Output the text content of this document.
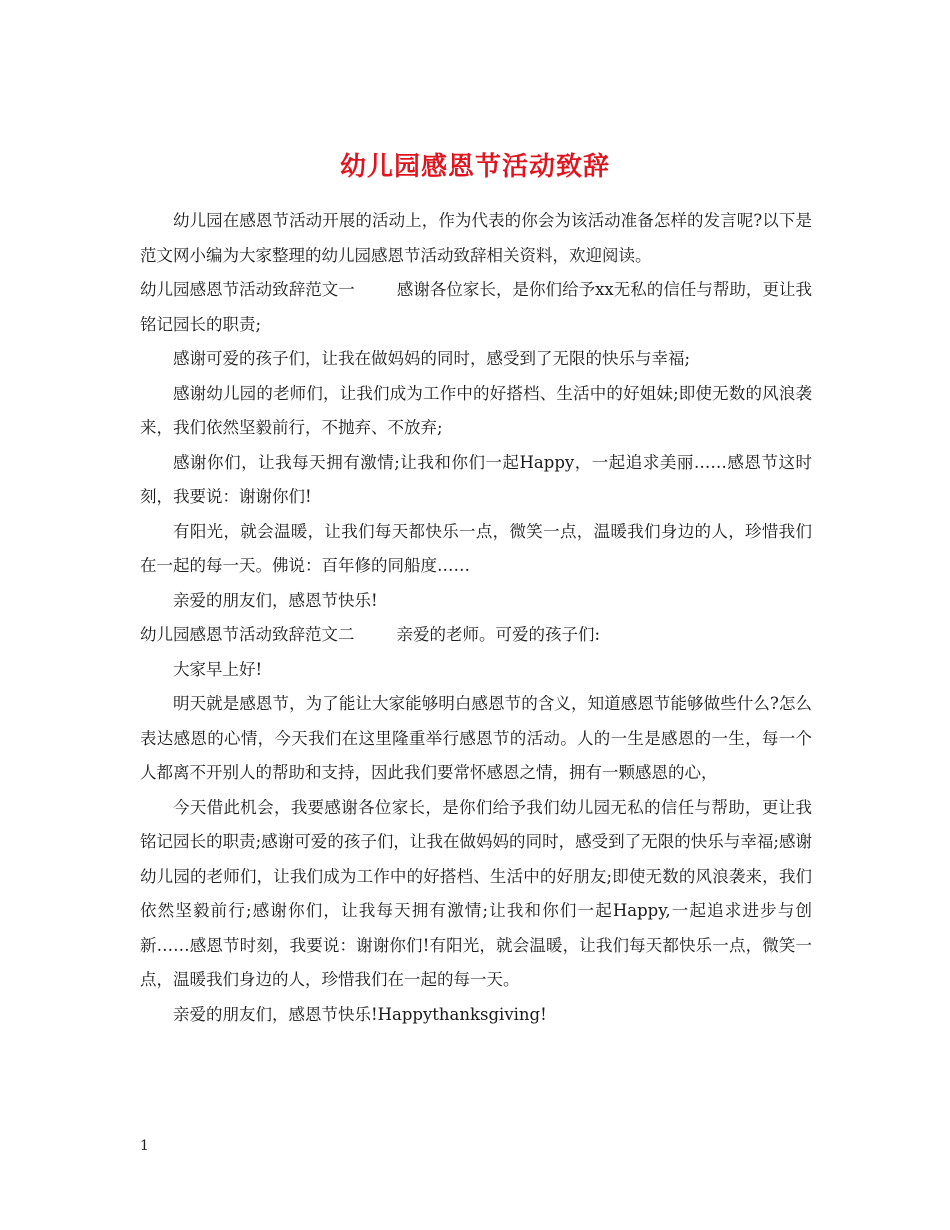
幼儿园感恩节活动致辞

幼儿园在感恩节活动开展的活动上，作为代表的你会为该活动准备怎样的发言呢?以下是范文网小编为大家整理的幼儿园感恩节活动致辞相关资料，欢迎阅读。

幼儿园感恩节活动致辞范文一	感谢各位家长，是你们给予xx无私的信任与帮助，更让我铭记园长的职责;

感谢可爱的孩子们，让我在做妈妈的同时，感受到了无限的快乐与幸福;

感谢幼儿园的老师们，让我们成为工作中的好搭档、生活中的好姐妹;即使无数的风浪袭来，我们依然坚毅前行，不抛弃、不放弃;

感谢你们，让我每天拥有激情;让我和你们一起Happy，一起追求美丽……感恩节这时刻，我要说：谢谢你们!

有阳光，就会温暖，让我们每天都快乐一点，微笑一点，温暖我们身边的人，珍惜我们在一起的每一天。佛说：百年修的同船度……

亲爱的朋友们，感恩节快乐!

幼儿园感恩节活动致辞范文二	亲爱的老师。可爱的孩子们:

大家早上好!

明天就是感恩节，为了能让大家能够明白感恩节的含义，知道感恩节能够做些什么?怎么表达感恩的心情，今天我们在这里隆重举行感恩节的活动。人的一生是感恩的一生，每一个人都离不开别人的帮助和支持，因此我们要常怀感恩之情，拥有一颗感恩的心，

今天借此机会，我要感谢各位家长，是你们给予我们幼儿园无私的信任与帮助，更让我铭记园长的职责;感谢可爱的孩子们，让我在做妈妈的同时，感受到了无限的快乐与幸福;感谢幼儿园的老师们，让我们成为工作中的好搭档、生活中的好朋友;即使无数的风浪袭来，我们依然坚毅前行;感谢你们，让我每天拥有激情;让我和你们一起Happy,一起追求进步与创新……感恩节时刻，我要说：谢谢你们!有阳光，就会温暖，让我们每天都快乐一点，微笑一点，温暖我们身边的人，珍惜我们在一起的每一天。

亲爱的朋友们，感恩节快乐!Happythanksgiving!

1
